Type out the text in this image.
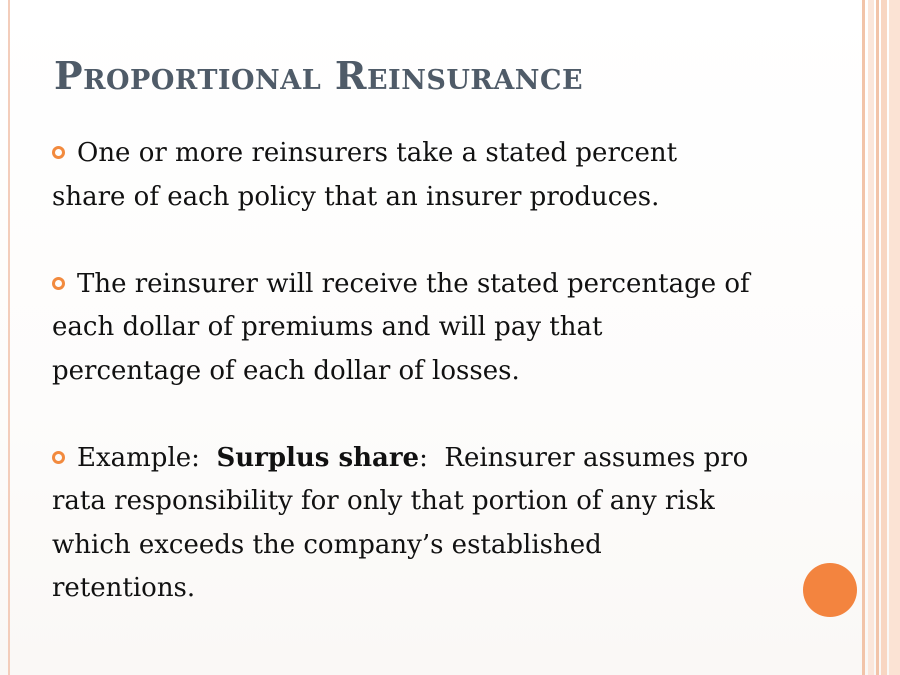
Proportional Reinsurance

One or more reinsurers take a stated percent share of each policy that an insurer produces.

The reinsurer will receive the stated percentage of each dollar of premiums and will pay that percentage of each dollar of losses.

Example:  Surplus share:  Reinsurer assumes pro rata responsibility for only that portion of any risk which exceeds the company’s established retentions.
